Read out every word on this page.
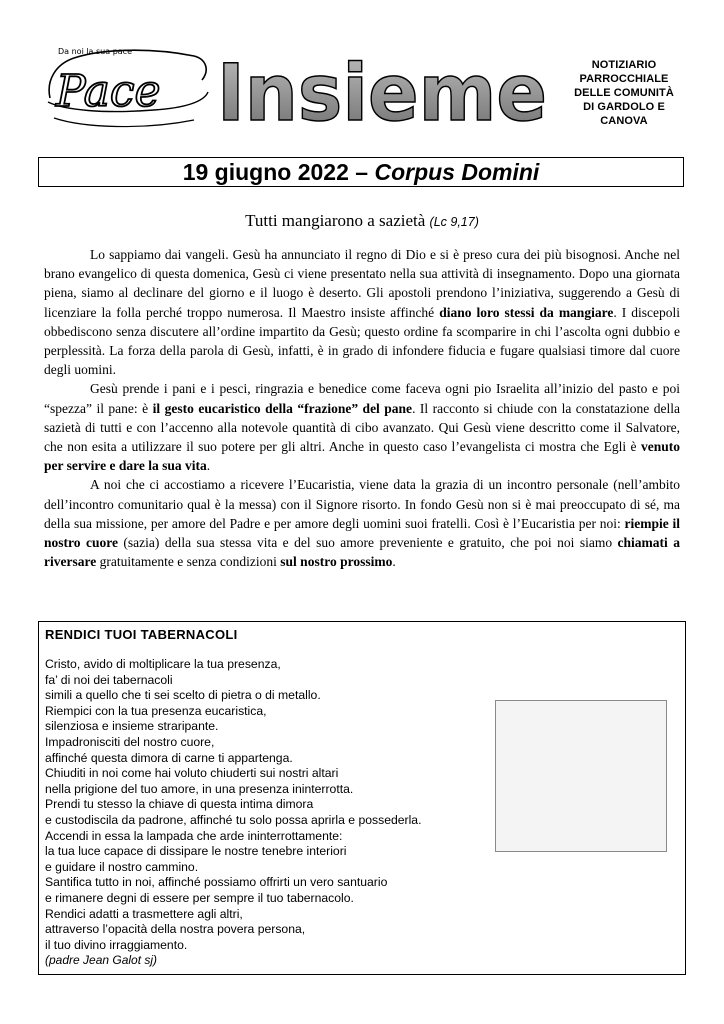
Da noi la sua pace
Pace Insieme	NOTIZIARIO
PARROCCHIALE
DELLE COMUNITÀ
DI GARDOLO E
CANOVA
19 giugno 2022 – Corpus Domini
Tutti mangiarono a sazietà (Lc 9,17)

Lo sappiamo dai vangeli. Gesù ha annunciato il regno di Dio e si è preso cura dei più bisognosi. Anche nel brano evangelico di questa domenica, Gesù ci viene presentato nella sua attività di insegnamento. Dopo una giornata piena, siamo al declinare del giorno e il luogo è deserto. Gli apostoli prendono l’iniziativa, suggerendo a Gesù di licenziare la folla perché troppo numerosa. Il Maestro insiste affinché diano loro stessi da mangiare. I discepoli obbediscono senza discutere all’ordine impartito da Gesù; questo ordine fa scomparire in chi l’ascolta ogni dubbio e perplessità. La forza della parola di Gesù, infatti, è in grado di infondere fiducia e fugare qualsiasi timore dal cuore degli uomini.

Gesù prende i pani e i pesci, ringrazia e benedice come faceva ogni pio Israelita all’inizio del pasto e poi “spezza” il pane: è il gesto eucaristico della “frazione” del pane. Il racconto si chiude con la constatazione della sazietà di tutti e con l’accenno alla notevole quantità di cibo avanzato. Qui Gesù viene descritto come il Salvatore, che non esita a utilizzare il suo potere per gli altri. Anche in questo caso l’evangelista ci mostra che Egli è venuto per servire e dare la sua vita.

A noi che ci accostiamo a ricevere l’Eucaristia, viene data la grazia di un incontro personale (nell’ambito dell’incontro comunitario qual è la messa) con il Signore risorto. In fondo Gesù non si è mai preoccupato di sé, ma della sua missione, per amore del Padre e per amore degli uomini suoi fratelli. Così è l’Eucaristia per noi: riempie il nostro cuore (sazia) della sua stessa vita e del suo amore preveniente e gratuito, che poi noi siamo chiamati a riversare gratuitamente e senza condizioni sul nostro prossimo.

RENDICI TUOI TABERNACOLI
Cristo, avido di moltiplicare la tua presenza,
fa’ di noi dei tabernacoli
simili a quello che ti sei scelto di pietra o di metallo.
Riempici con la tua presenza eucaristica,
silenziosa e insieme straripante.
Impadronisciti del nostro cuore,
affinché questa dimora di carne ti appartenga.
Chiuditi in noi come hai voluto chiuderti sui nostri altari
nella prigione del tuo amore, in una presenza ininterrotta.
Prendi tu stesso la chiave di questa intima dimora
e custodiscila da padrone, affinché tu solo possa aprirla e possederla.
Accendi in essa la lampada che arde ininterrottamente:
la tua luce capace di dissipare le nostre tenebre interiori
e guidare il nostro cammino.
Santifica tutto in noi, affinché possiamo offrirti un vero santuario
e rimanere degni di essere per sempre il tuo tabernacolo.
Rendici adatti a trasmettere agli altri,
attraverso l’opacità della nostra povera persona,
il tuo divino irraggiamento.
(padre Jean Galot sj)
